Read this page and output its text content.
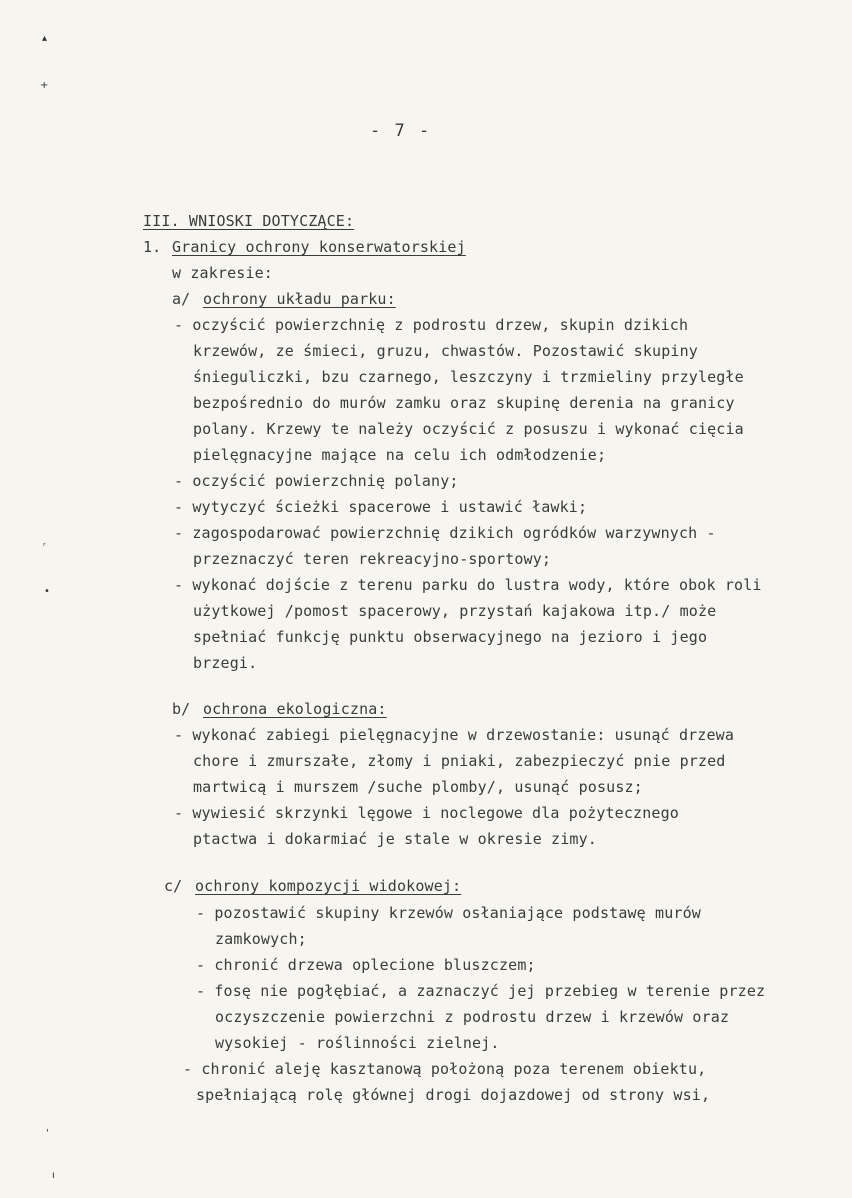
▴
+
ᵣ
•
'
ı
- 7 -
III. WNIOSKI DOTYCZĄCE:
1. Granicy ochrony konserwatorskiej
w zakresie:
a/ ochrony układu parku:
- oczyścić powierzchnię z podrostu drzew, skupin dzikich
krzewów, ze śmieci, gruzu, chwastów. Pozostawić skupiny
śnieguliczki, bzu czarnego, leszczyny i trzmieliny przyległe
bezpośrednio do murów zamku oraz skupinę derenia na granicy
polany. Krzewy te należy oczyścić z posuszu i wykonać cięcia
pielęgnacyjne mające na celu ich odmłodzenie;
- oczyścić powierzchnię polany;
- wytyczyć ścieżki spacerowe i ustawić ławki;
- zagospodarować powierzchnię dzikich ogródków warzywnych -
przeznaczyć teren rekreacyjno-sportowy;
- wykonać dojście z terenu parku do lustra wody, które obok roli
użytkowej /pomost spacerowy, przystań kajakowa itp./ może
spełniać funkcję punktu obserwacyjnego na jezioro i jego
brzegi.
b/ ochrona ekologiczna:
- wykonać zabiegi pielęgnacyjne w drzewostanie: usunąć drzewa
chore i zmurszałe, złomy i pniaki, zabezpieczyć pnie przed
martwicą i murszem /suche plomby/, usunąć posusz;
- wywiesić skrzynki lęgowe i noclegowe dla pożytecznego
ptactwa i dokarmiać je stale w okresie zimy.
c/ ochrony kompozycji widokowej:
- pozostawić skupiny krzewów osłaniające podstawę murów
zamkowych;
- chronić drzewa oplecione bluszczem;
- fosę nie pogłębiać, a zaznaczyć jej przebieg w terenie przez
oczyszczenie powierzchni z podrostu drzew i krzewów oraz
wysokiej - roślinności zielnej.
- chronić aleję kasztanową położoną poza terenem obiektu,
spełniającą rolę głównej drogi dojazdowej od strony wsi,
